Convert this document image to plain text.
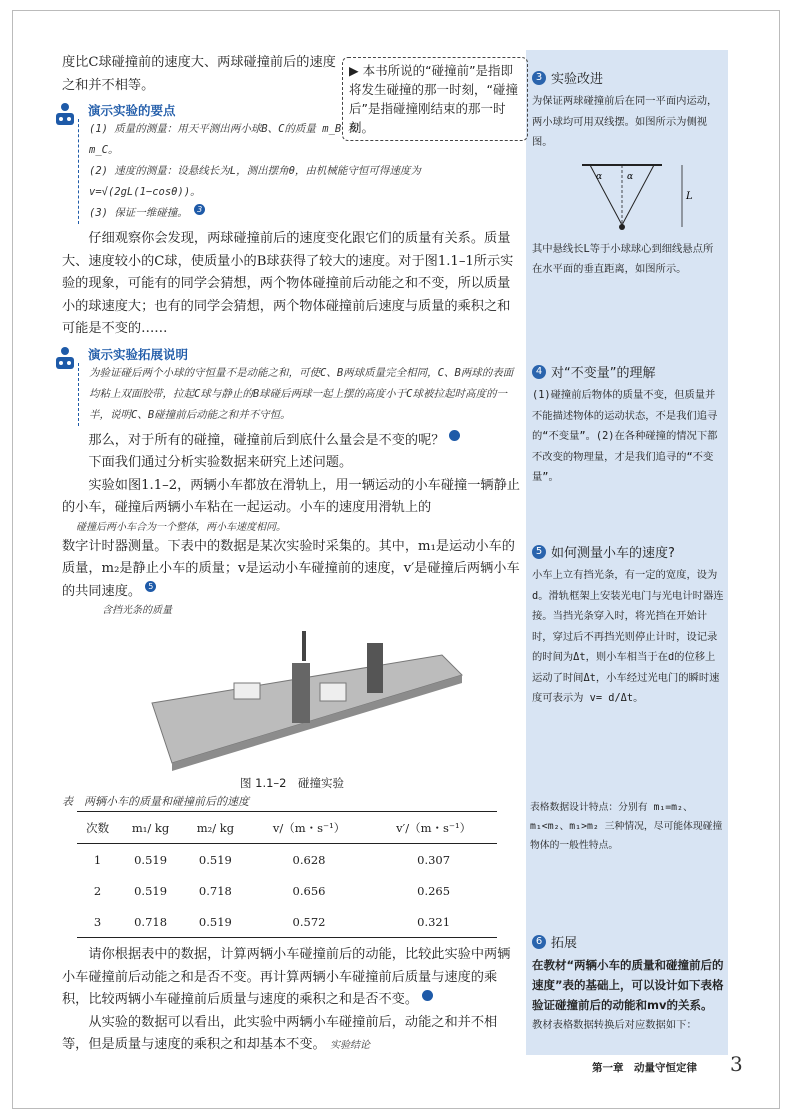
3 实验改进

为保证两球碰撞前后在同一平面内运动，两小球均可用双线摆。如图所示为侧视图。

α	α
L

其中悬线长L等于小球球心到细线悬点所在水平面的垂直距离，如图所示。

4 对“不变量”的理解

(1)碰撞前后物体的质量不变，但质量并不能描述物体的运动状态，不是我们追寻的“不变量”。(2)在各种碰撞的情况下都不改变的物理量，才是我们追寻的“不变量”。

5 如何测量小车的速度?

小车上立有挡光条，有一定的宽度，设为d。滑轨框架上安装光电门与光电计时器连接。当挡光条穿入时，将光挡在开始计时，穿过后不再挡光则停止计时，设记录的时间为Δt，则小车相当于在d的位移上运动了时间Δt，小车经过光电门的瞬时速度可表示为 v= d/Δt。

表格数据设计特点：分别有 m₁=m₂、m₁<m₂、m₁>m₂ 三种情况，尽可能体现碰撞物体的一般性特点。

6 拓展

在教材“两辆小车的质量和碰撞前后的速度”表的基础上，可以设计如下表格验证碰撞前后的动能和mv的关系。

教材表格数据转换后对应数据如下：

▶ 本书所说的“碰撞前”是指即将发生碰撞的那一时刻，“碰撞后”是指碰撞刚结束的那一时刻。

度比C球碰撞前的速度大、两球碰撞前后的速度之和并不相等。

演示实验的要点
(1) 质量的测量：用天平测出两小球B、C的质量 m_B 和 m_C。
(2) 速度的测量：设悬线长为L，测出摆角θ，由机械能守恒可得速度为 v=√(2gL(1−cosθ))。
(3) 保证一维碰撞。 3

仔细观察你会发现，两球碰撞前后的速度变化跟它们的质量有关系。质量大、速度较小的C球，使质量小的B球获得了较大的速度。对于图1.1–1所示实验的现象，可能有的同学会猜想，两个物体碰撞前后动能之和不变，所以质量小的球速度大；也有的同学会猜想，两个物体碰撞前后速度与质量的乘积之和可能是不变的……

演示实验拓展说明
为验证碰后两个小球的守恒量不是动能之和，可使C、B两球质量完全相同，C、B两球的表面均粘上双面胶带，拉起C球与静止的B球碰后两球一起上摆的高度小于C球被拉起时高度的一半，说明C、B碰撞前后动能之和并不守恒。

那么，对于所有的碰撞，碰撞前后到底什么量会是不变的呢？	4

下面我们通过分析实验数据来研究上述问题。

实验如图1.1–2，两辆小车都放在滑轨上，用一辆运动的小车碰撞一辆静止的小车，碰撞后两辆小车粘在一起运动。小车的速度用滑轨上的

碰撞后两小车合为一个整体，两小车速度相同。

数字计时器测量。下表中的数据是某次实验时采集的。其中，m₁是运动小车的质量，m₂是静止小车的质量；v是运动小车碰撞前的速度，v′是碰撞后两辆小车的共同速度。 5

含挡光条的质量
图 1.1–2　碰撞实验
表　两辆小车的质量和碰撞前后的速度
次数	m₁/ kg	m₂/ kg	v/（m・s⁻¹）	v′/（m・s⁻¹）
1	0.519	0.519	0.628	0.307
2	0.519	0.718	0.656	0.265
3	0.718	0.519	0.572	0.321

请你根据表中的数据，计算两辆小车碰撞前后的动能，比较此实验中两辆小车碰撞前后动能之和是否不变。再计算两辆小车碰撞前后质量与速度的乘积，比较两辆小车碰撞前后质量与速度的乘积之和是否不变。	6

从实验的数据可以看出，此实验中两辆小车碰撞前后，动能之和并不相等，但是质量与速度的乘积之和却基本不变。 实验结论

第一章　动量守恒定律 3
